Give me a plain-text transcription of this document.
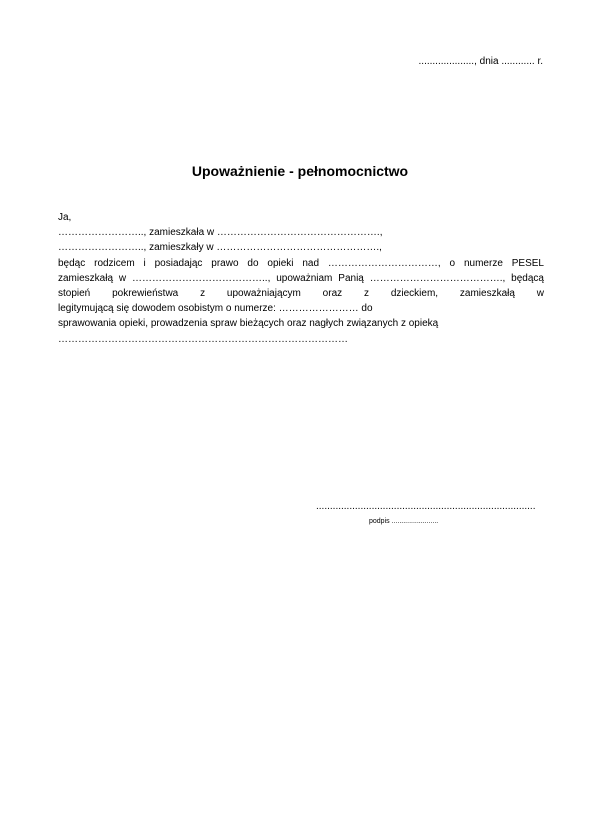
...................., dnia ............ r.
Upoważnienie - pełnomocnictwo
Ja,
…………………….., zamieszkała w ………………………………………….,
…………………….., zamieszkały w ………………………………………….,
będąc rodzicem i posiadając prawo do opieki nad ……………………………, o numerze PESEL
zamieszkałą w ………………………………….., upoważniam Panią …………………………………., będącą
stopień pokrewieństwa z upoważniającym oraz z dzieckiem, zamieszkałą w
legitymującą się dowodem osobistym o numerze: …………………… do
sprawowania opieki, prowadzenia spraw bieżących oraz nagłych związanych z opieką
……………………………………………………………………………
...............................................................................
podpis ........................
